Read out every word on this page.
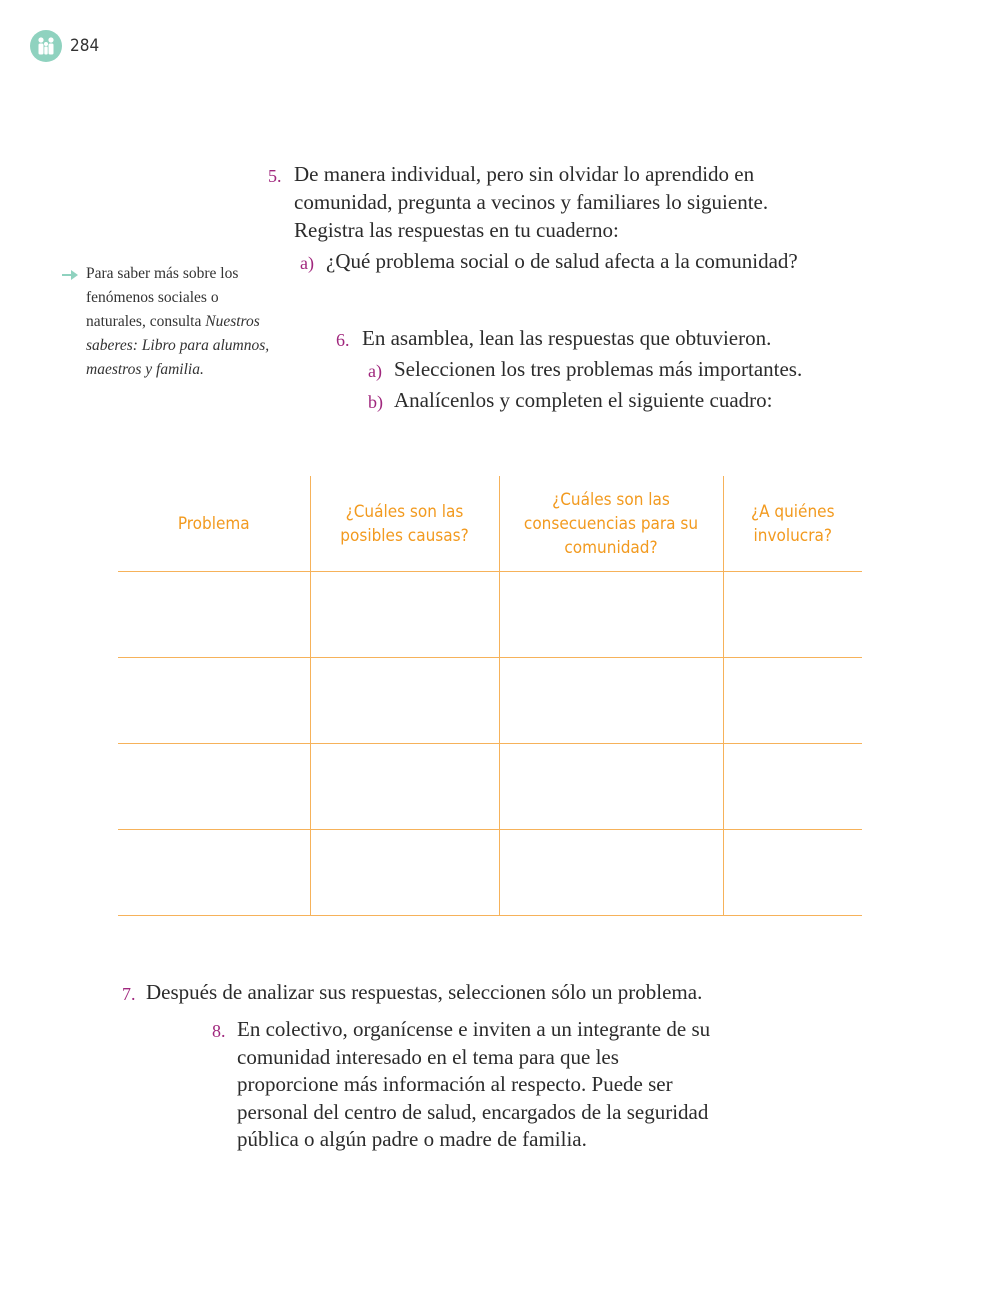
284
Para saber más sobre los fenómenos sociales o naturales, consulta Nuestros saberes: Libro para alumnos, maestros y familia.
5. De manera individual, pero sin olvidar lo aprendido en comunidad, pregunta a vecinos y familiares lo siguiente. Registra las respuestas en tu cuaderno:
a) ¿Qué problema social o de salud afecta a la comunidad?
6. En asamblea, lean las respuestas que obtuvieron.
a) Seleccionen los tres problemas más importantes.
b) Analícenlos y completen el siguiente cuadro:
Problema	¿Cuáles son las posibles causas?	¿Cuáles son las consecuencias para su comunidad?	¿A quiénes involucra?

7. Después de analizar sus respuestas, seleccionen sólo un problema.
8. En colectivo, organícense e inviten a un integrante de su comunidad interesado en el tema para que les proporcione más información al respecto. Puede ser personal del centro de salud, encargados de la seguridad pública o algún padre o madre de familia.
